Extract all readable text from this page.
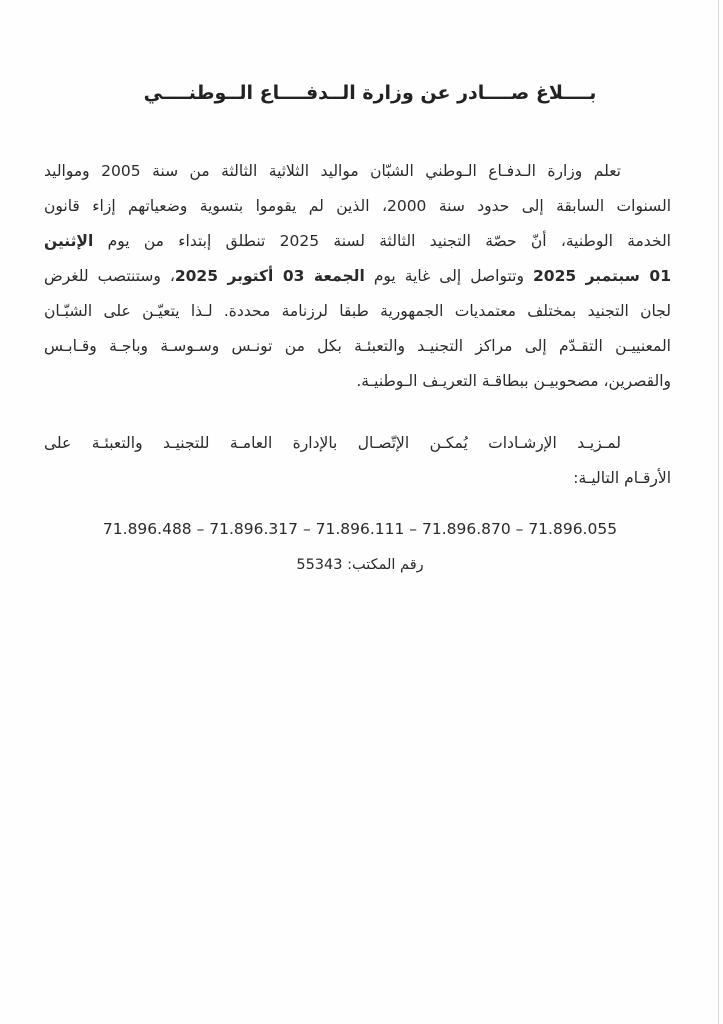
بــــلاغ صــــادر عن وزارة الــدفــــاع الــوطنــــي
تعلم وزارة الـدفـاع الـوطني الشبّان مواليد الثلاثية الثالثة من سنة 2005 ومواليد
السنوات السابقة إلى حدود سنة 2000، الذين لم يقوموا بتسوية وضعياتهم إزاء قانون
الخدمة الوطنية، أنّ حصّة التجنيد الثالثة لسنة 2025 تنطلق إبتداء من يوم الإثنين
01 سبتمبر 2025 وتتواصل إلى غاية يوم الجمعة 03 أكتوبر 2025، وستنتصب للغرض
لجان التجنيد بمختلف معتمديات الجمهورية طبقا لرزنامة محددة. لـذا يتعيّـن على الشبّـان
المعنييـن التقـدّم إلى مراكز التجنيـد والتعبئـة بكل من تونـس وسـوسـة وباجـة وقـابـس
والقصرين، مصحوبيـن ببطاقـة التعريـف الـوطنيـة.
لمـزيـد الإرشـادات يُمكـن الإتّصـال بالإدارة العامـة للتجنيـد والتعبئـة على
الأرقـام التاليـة:
71.896.488 – 71.896.317 – 71.896.111 – 71.896.870 – 71.896.055
رقم المكتب: 55343
